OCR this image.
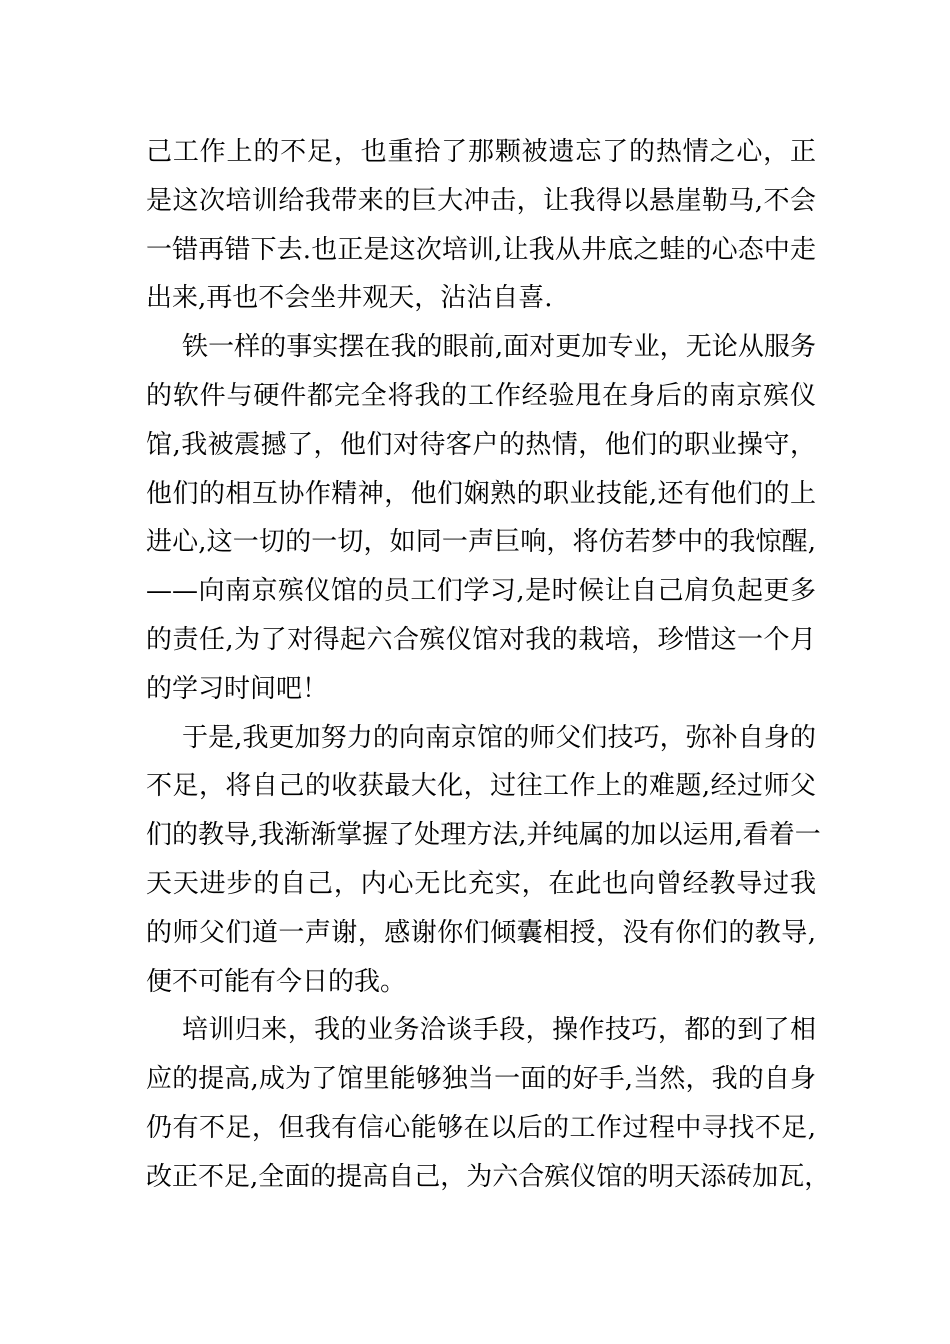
己工作上的不足，也重拾了那颗被遗忘了的热情之心，正
是这次培训给我带来的巨大冲击，让我得以悬崖勒马,不会
一错再错下去.也正是这次培训,让我从井底之蛙的心态中走
出来,再也不会坐井观天，沾沾自喜.
铁一样的事实摆在我的眼前,面对更加专业，无论从服务
的软件与硬件都完全将我的工作经验甩在身后的南京殡仪
馆,我被震撼了，他们对待客户的热情，他们的职业操守，
他们的相互协作精神，他们娴熟的职业技能,还有他们的上
进心,这一切的一切，如同一声巨响，将仿若梦中的我惊醒,
——向南京殡仪馆的员工们学习,是时候让自己肩负起更多
的责任,为了对得起六合殡仪馆对我的栽培，珍惜这一个月
的学习时间吧！
于是,我更加努力的向南京馆的师父们技巧，弥补自身的
不足，将自己的收获最大化，过往工作上的难题,经过师父
们的教导,我渐渐掌握了处理方法,并纯属的加以运用,看着一
天天进步的自己，内心无比充实，在此也向曾经教导过我
的师父们道一声谢，感谢你们倾囊相授，没有你们的教导,
便不可能有今日的我。
培训归来，我的业务洽谈手段，操作技巧，都的到了相
应的提高,成为了馆里能够独当一面的好手,当然，我的自身
仍有不足，但我有信心能够在以后的工作过程中寻找不足,
改正不足,全面的提高自己，为六合殡仪馆的明天添砖加瓦，
